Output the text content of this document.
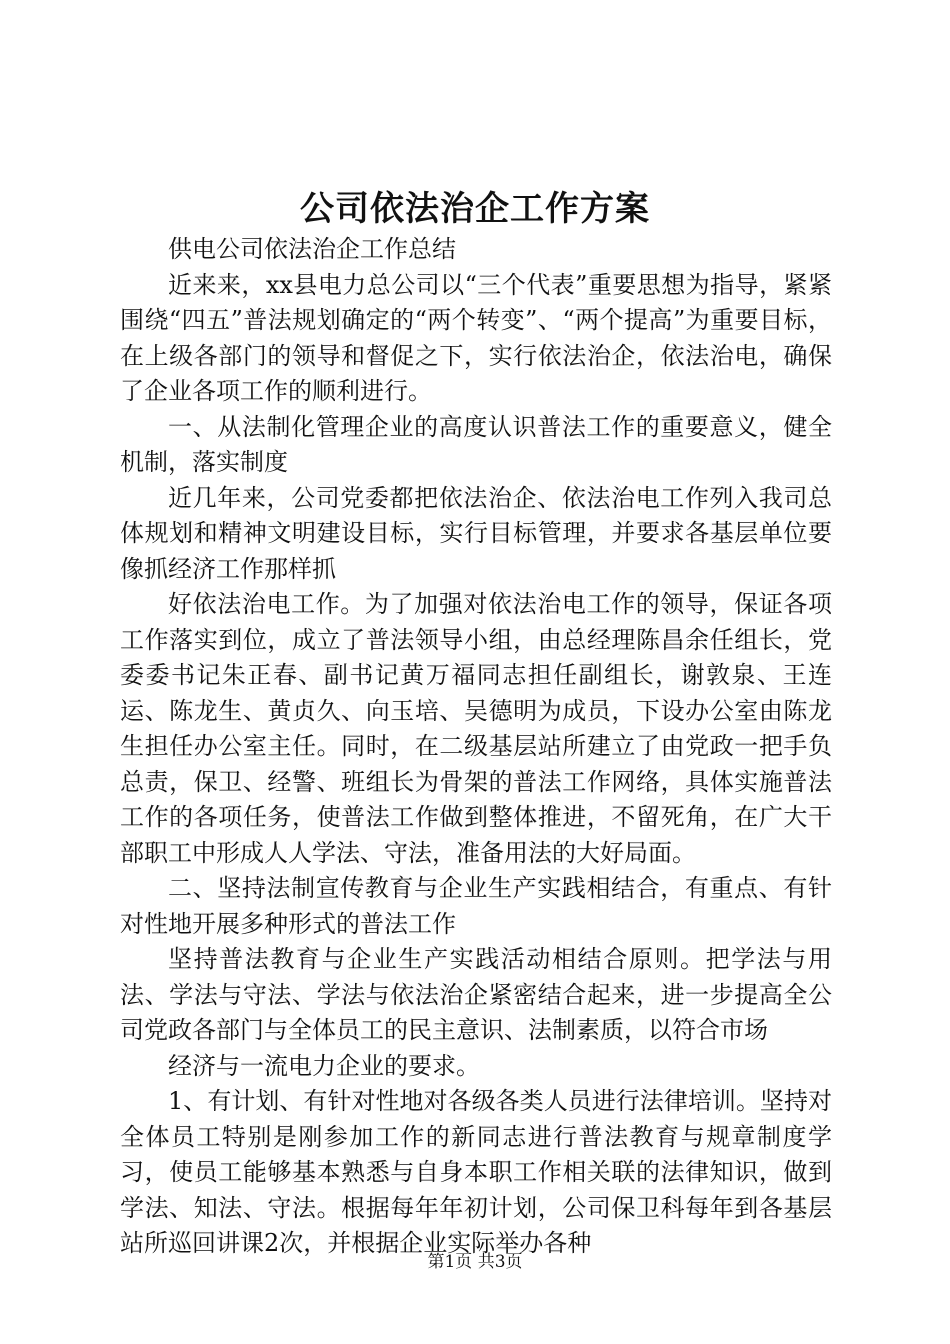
公司依法治企工作方案

供电公司依法治企工作总结

近来来，xx县电力总公司以“三个代表”重要思想为指导，紧紧围绕“四五”普法规划确定的“两个转变”、“两个提高”为重要目标，在上级各部门的领导和督促之下，实行依法治企，依法治电，确保了企业各项工作的顺利进行。

一、从法制化管理企业的高度认识普法工作的重要意义，健全机制，落实制度

近几年来，公司党委都把依法治企、依法治电工作列入我司总体规划和精神文明建设目标，实行目标管理，并要求各基层单位要像抓经济工作那样抓

好依法治电工作。为了加强对依法治电工作的领导，保证各项工作落实到位，成立了普法领导小组，由总经理陈昌余任组长，党委委书记朱正春、副书记黄万福同志担任副组长，谢敦泉、王连运、陈龙生、黄贞久、向玉培、吴德明为成员，下设办公室由陈龙生担任办公室主任。同时，在二级基层站所建立了由党政一把手负总责，保卫、经警、班组长为骨架的普法工作网络，具体实施普法工作的各项任务，使普法工作做到整体推进，不留死角，在广大干部职工中形成人人学法、守法，准备用法的大好局面。

二、坚持法制宣传教育与企业生产实践相结合，有重点、有针对性地开展多种形式的普法工作

坚持普法教育与企业生产实践活动相结合原则。把学法与用法、学法与守法、学法与依法治企紧密结合起来，进一步提高全公司党政各部门与全体员工的民主意识、法制素质，以符合市场

经济与一流电力企业的要求。

1、有计划、有针对性地对各级各类人员进行法律培训。坚持对全体员工特别是刚参加工作的新同志进行普法教育与规章制度学习，使员工能够基本熟悉与自身本职工作相关联的法律知识，做到学法、知法、守法。根据每年年初计划，公司保卫科每年到各基层站所巡回讲课2次，并根据企业实际举办各种

第1页 共3页
